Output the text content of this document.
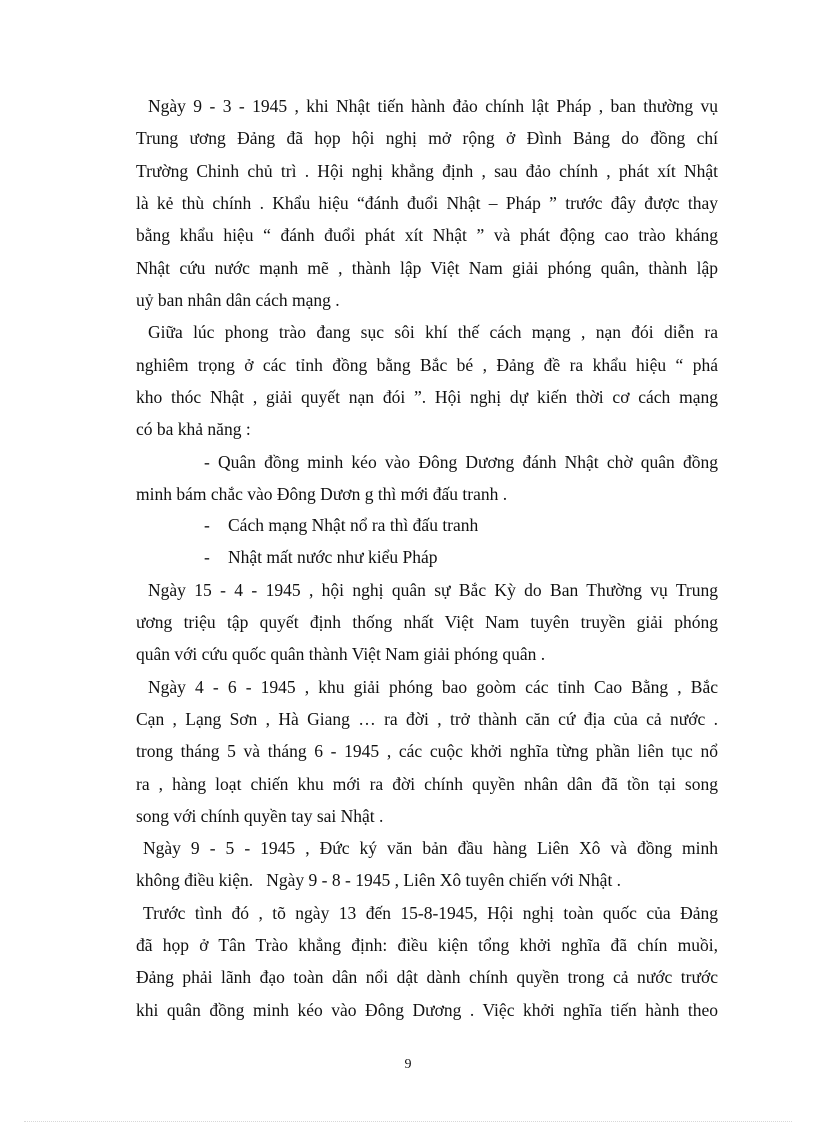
Ngày 9 - 3 - 1945 , khi Nhật tiến hành đảo chính lật Pháp , ban thường vụ
Trung ương Đảng đã họp hội nghị mở rộng ở Đình Bảng do đồng chí
Trường Chinh chủ trì . Hội nghị khẳng định , sau đảo chính , phát xít Nhật
là kẻ thù chính . Khẩu hiệu “đánh đuổi Nhật – Pháp ” trước đây được thay
bằng khẩu hiệu “ đánh đuổi phát xít Nhật ” và phát động cao trào kháng
Nhật cứu nước mạnh mẽ , thành lập Việt Nam giải phóng quân, thành lập
uỷ ban nhân dân cách mạng .
Giữa lúc phong trào đang sục sôi khí thế cách mạng , nạn đói diễn ra
nghiêm trọng ở các tỉnh đồng bằng Bắc bé , Đảng đề ra khẩu hiệu “ phá
kho thóc Nhật , giải quyết nạn đói ”. Hội nghị dự kiến thời cơ cách mạng
có ba khả năng :
- Quân đồng minh kéo vào Đông Dương đánh Nhật chờ quân đồng
minh bám chắc vào Đông Dươn g thì mới đấu tranh .
- Cách mạng Nhật nổ ra thì đấu tranh
- Nhật mất nước như kiểu Pháp
Ngày 15 - 4 - 1945 , hội nghị quân sự Bắc Kỳ do Ban Thường vụ Trung
ương triệu tập quyết định thống nhất Việt Nam tuyên truyền giải phóng
quân với cứu quốc quân thành Việt Nam giải phóng quân .
Ngày 4 - 6 - 1945 , khu giải phóng bao goòm các tỉnh Cao Bằng , Bắc
Cạn , Lạng Sơn , Hà Giang … ra đời , trở thành căn cứ địa của cả nước .
trong tháng 5 và tháng 6 - 1945 , các cuộc khởi nghĩa từng phần liên tục nổ
ra , hàng loạt chiến khu mới ra đời chính quyền nhân dân đã tồn tại song
song với chính quyền tay sai Nhật .
Ngày 9 - 5 - 1945 , Đức ký văn bản đầu hàng Liên Xô và đồng minh
không điều kiện.   Ngày 9 - 8 - 1945 , Liên Xô tuyên chiến với Nhật .
Trước tình đó , tõ ngày 13 đến 15-8-1945, Hội nghị toàn quốc của Đảng
đã họp ở Tân Trào khẳng định: điều kiện tổng khởi nghĩa đã chín muồi,
Đảng phải lãnh đạo toàn dân nổi dật dành chính quyền trong cả nước trước
khi quân đồng minh kéo vào Đông Dương . Việc khởi nghĩa tiến hành theo
9
